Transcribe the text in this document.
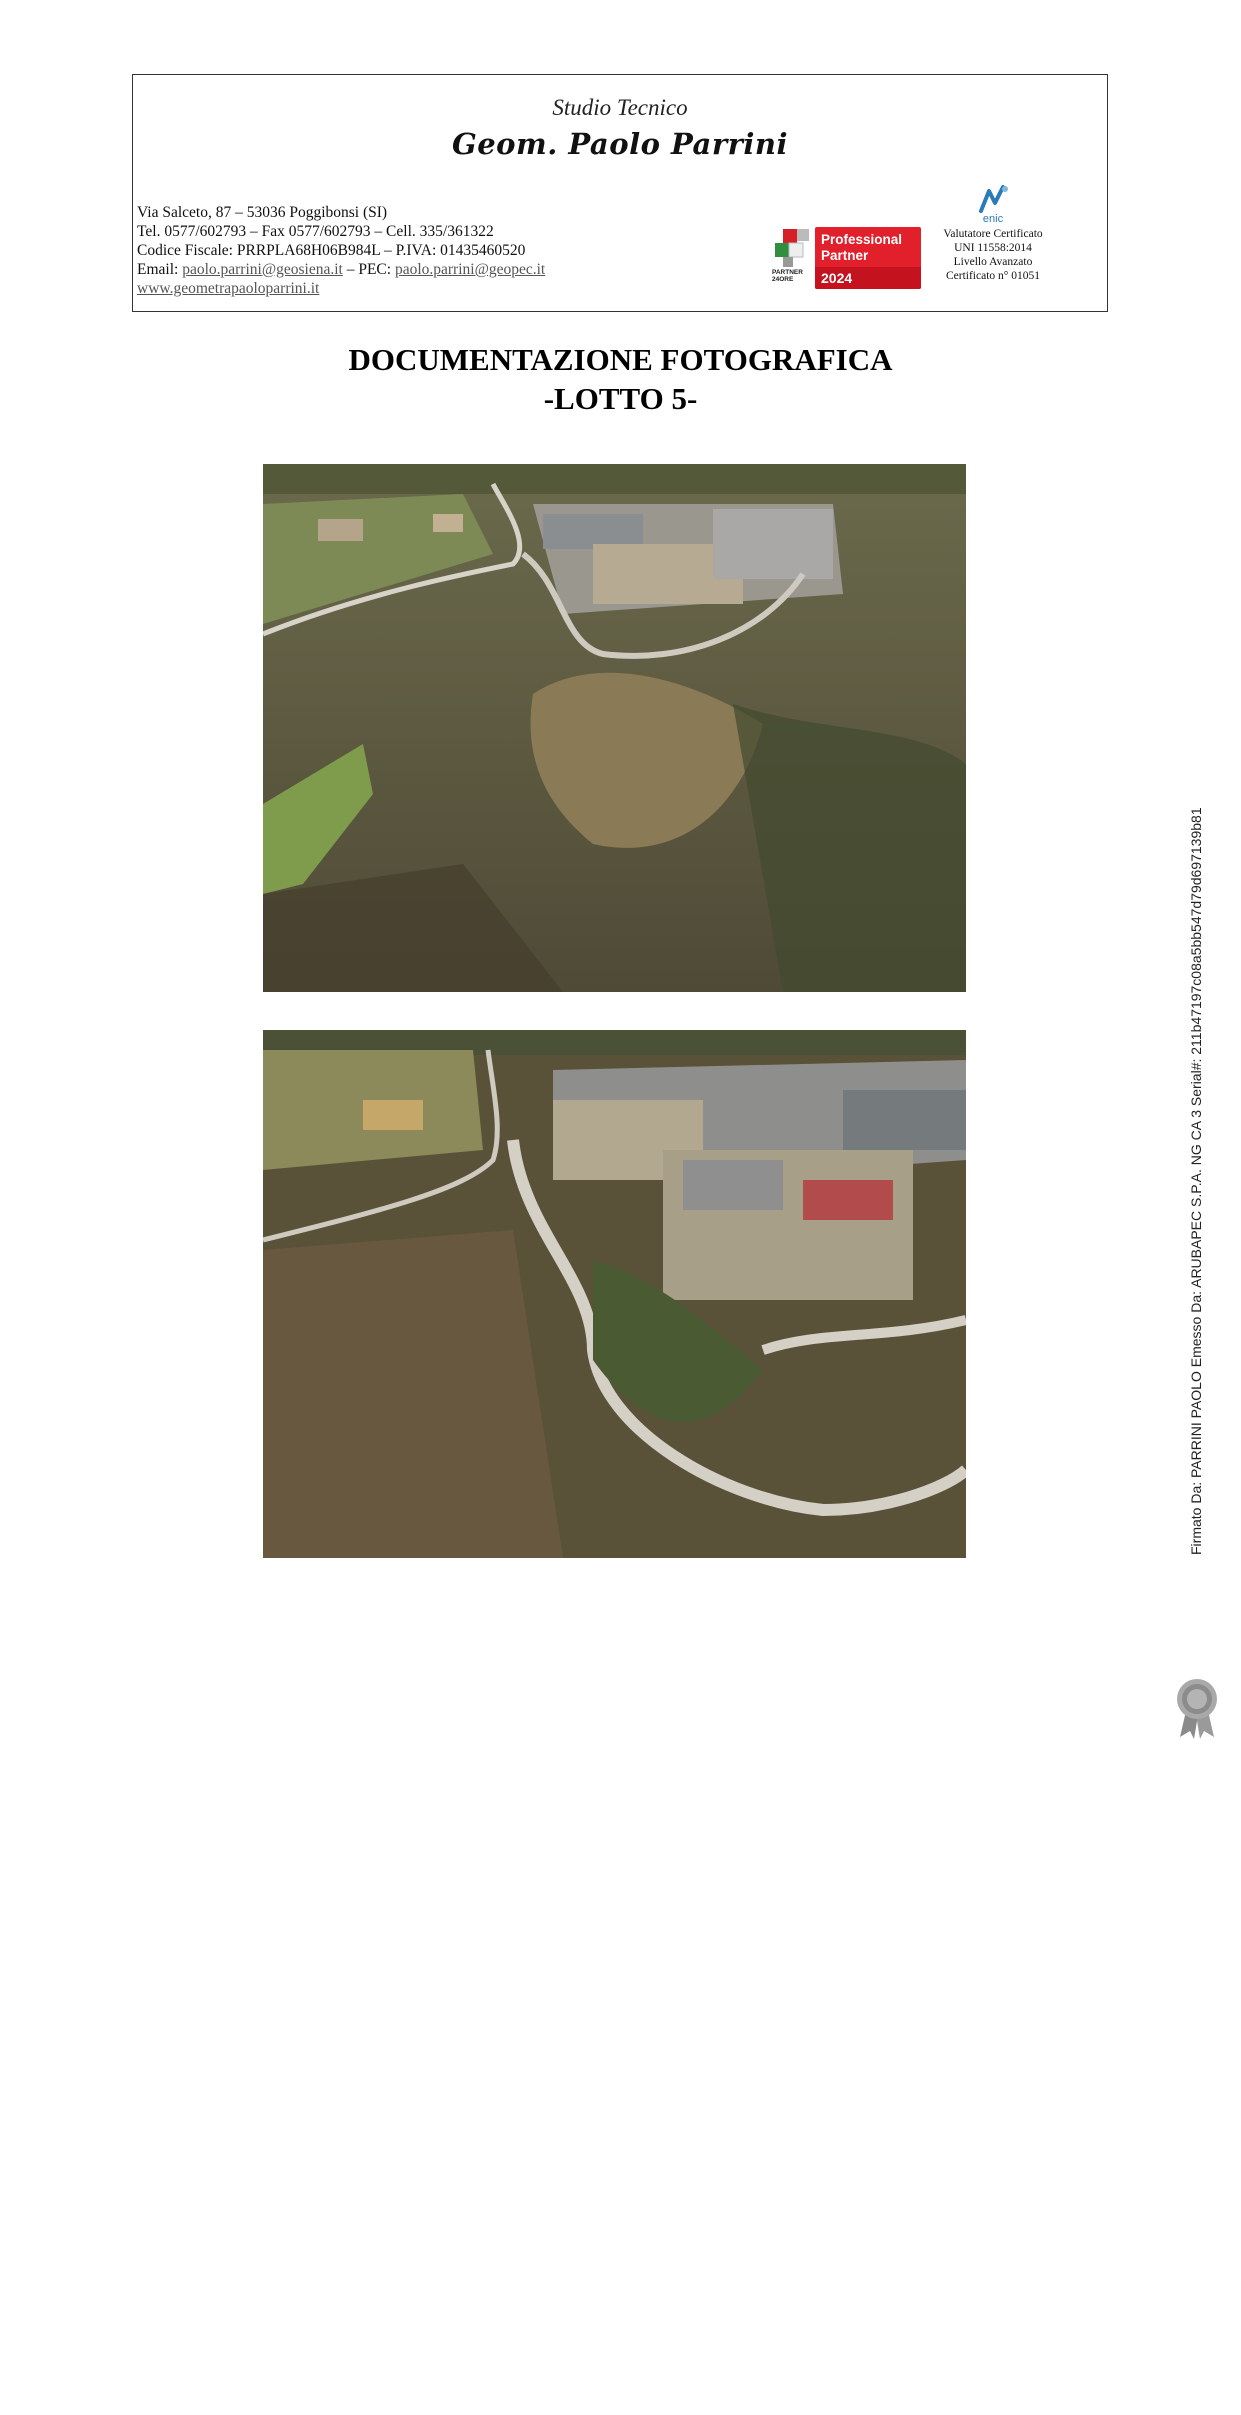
Studio Tecnico
Geom. Paolo Parrini
Via Salceto, 87 – 53036 Poggibonsi (SI)
Tel. 0577/602793 – Fax 0577/602793 – Cell. 335/361322
Codice Fiscale: PRRPLA68H06B984L – P.IVA: 01435460520
Email: paolo.parrini@geosiena.it – PEC: paolo.parrini@geopec.it
www.geometrapaoloparrini.it
PARTNER
24ORE
Professional
Partner
2024
enic
Valutatore Certificato
UNI 11558:2014
Livello Avanzato
Certificato n° 01051
DOCUMENTAZIONE FOTOGRAFICA
-LOTTO 5-
Firmato Da: PARRINI PAOLO Emesso Da: ARUBAPEC S.P.A. NG CA 3 Serial#: 211b47197c08a5bb547d79d697139b81
